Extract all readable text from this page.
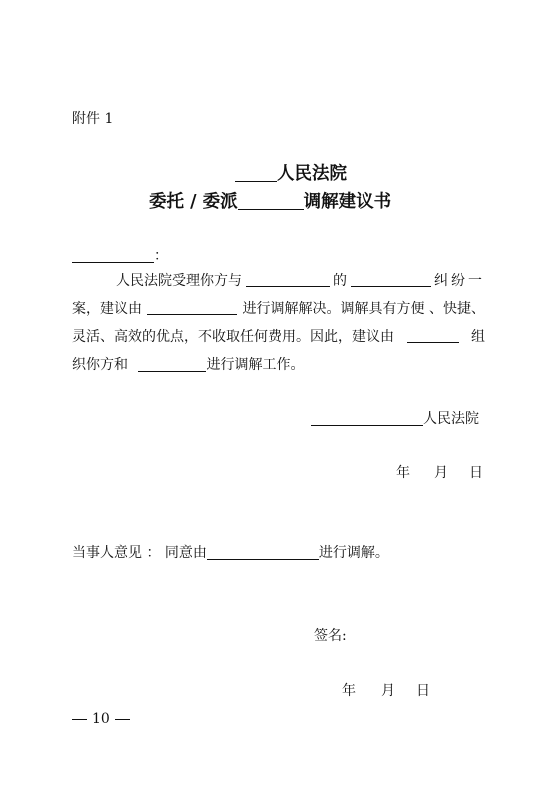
附件 1
人民法院
委托 / 委派	调解建议书
：
人民法院受理你方与	的	纠纷一
案，建议由	进行调解解决。调解具有方便 、快捷、
灵活、高效的优点，不收取任何费用。因此，建议由	组
织你方和	进行调解工作。
人民法院
年 月 日
当事人意见 ： 同意由	进行调解。
签名:
年 月 日
10
